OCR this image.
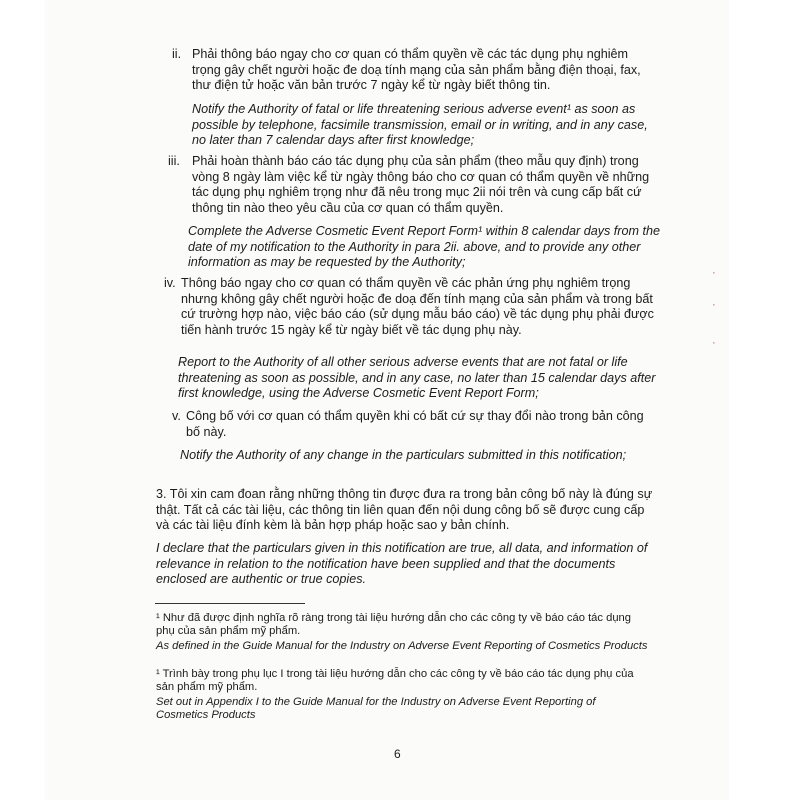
·
·
·
ii. Phải thông báo ngay cho cơ quan có thẩm quyền về các tác dụng phụ nghiêm trọng gây chết người hoặc đe doạ tính mạng của sản phẩm bằng điện thoại, fax, thư điện tử hoặc văn bản trước 7 ngày kể từ ngày biết thông tin.

Notify the Authority of fatal or life threatening serious adverse event¹ as soon as possible by telephone, facsimile transmission, email or in writing, and in any case, no later than 7 calendar days after first knowledge;

iii. Phải hoàn thành báo cáo tác dụng phụ của sản phẩm (theo mẫu quy định) trong vòng 8 ngày làm việc kể từ ngày thông báo cho cơ quan có thẩm quyền về những tác dụng phụ nghiêm trọng như đã nêu trong mục 2ii nói trên và cung cấp bất cứ thông tin nào theo yêu cầu của cơ quan có thẩm quyền.

Complete the Adverse Cosmetic Event Report Form¹ within 8 calendar days from the date of my notification to the Authority in para 2ii. above, and to provide any other information as may be requested by the Authority;

iv. Thông báo ngay cho cơ quan có thẩm quyền về các phản ứng phụ nghiêm trọng nhưng không gây chết người hoặc đe doạ đến tính mạng của sản phẩm và trong bất cứ trường hợp nào, việc báo cáo (sử dụng mẫu báo cáo) về tác dụng phụ phải được tiến hành trước 15 ngày kể từ ngày biết về tác dụng phụ này.

Report to the Authority of all other serious adverse events that are not fatal or life threatening as soon as possible, and in any case, no later than 15 calendar days after first knowledge, using the Adverse Cosmetic Event Report Form;

v. Công bố với cơ quan có thẩm quyền khi có bất cứ sự thay đổi nào trong bản công bố này.

Notify the Authority of any change in the particulars submitted in this notification;

3. Tôi xin cam đoan rằng những thông tin được đưa ra trong bản công bố này là đúng sự thật. Tất cả các tài liệu, các thông tin liên quan đến nội dung công bố sẽ được cung cấp và các tài liệu đính kèm là bản hợp pháp hoặc sao y bản chính.

I declare that the particulars given in this notification are true, all data, and information of relevance in relation to the notification have been supplied and that the documents enclosed are authentic or true copies.

¹ Như đã được định nghĩa rõ ràng trong tài liệu hướng dẫn cho các công ty về báo cáo tác dụng phụ của sản phẩm mỹ phẩm.
As defined in the Guide Manual for the Industry on Adverse Event Reporting of Cosmetics Products
¹ Trình bày trong phụ lục I trong tài liệu hướng dẫn cho các công ty về báo cáo tác dụng phụ của sản phẩm mỹ phẩm.
Set out in Appendix I to the Guide Manual for the Industry on Adverse Event Reporting of Cosmetics Products
6
